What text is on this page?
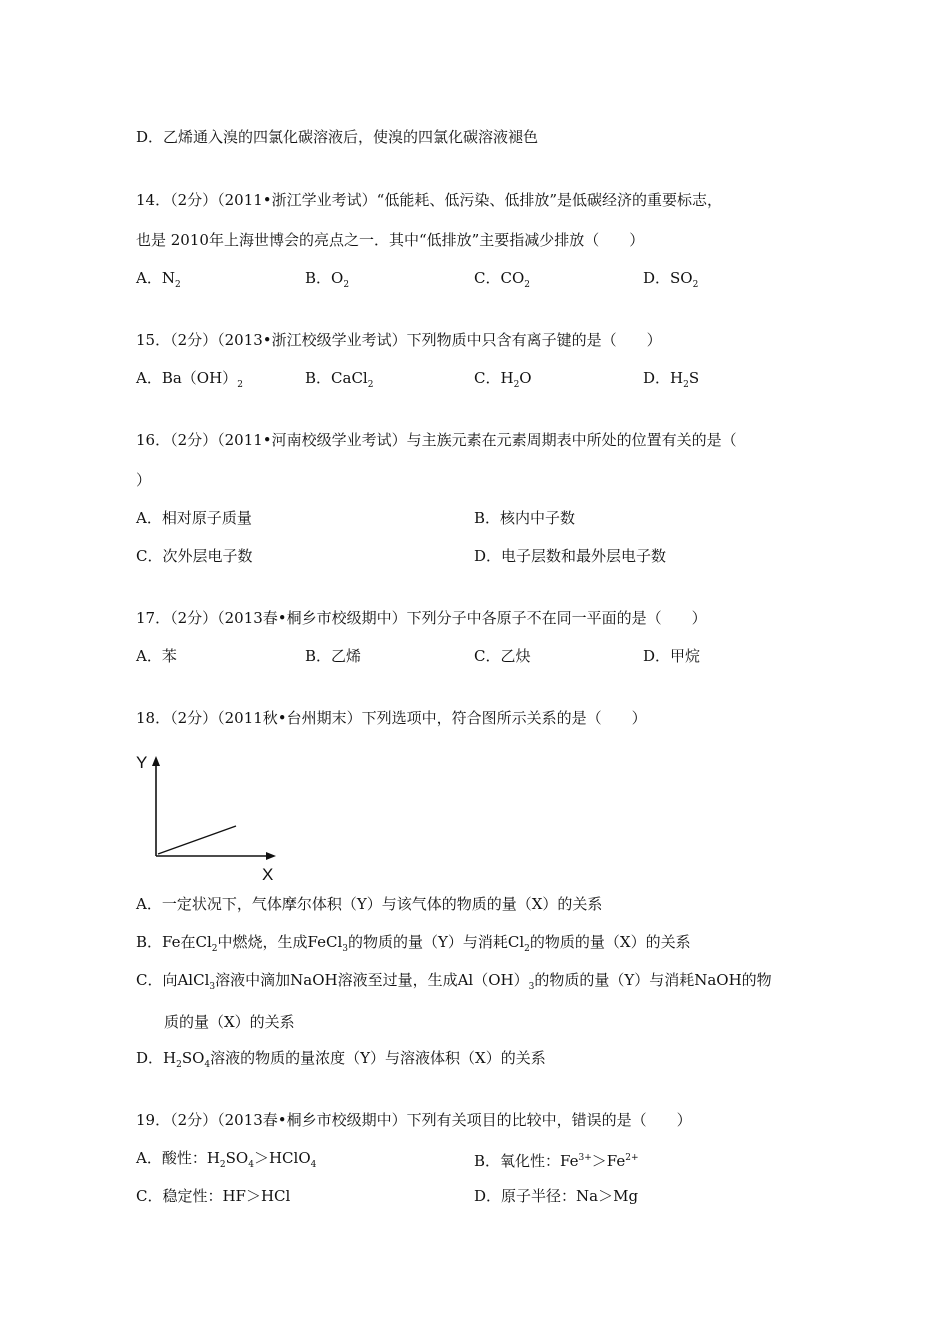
D．乙烯通入溴的四氯化碳溶液后，使溴的四氯化碳溶液褪色
14．（2分）（2011•浙江学业考试）“低能耗、低污染、低排放”是低碳经济的重要标志，
也是 2010年上海世博会的亮点之一．其中“低排放”主要指减少排放（　　）
A．$N_2$	B．$O_2$	C．$CO_2$	D．$SO_2$
15．（2分）（2013•浙江校级学业考试）下列物质中只含有离子键的是（　　）
A．$Ba(OH)_2$	B．CaCl$_2$	C．$H_2O$	D．$H_2S$
16．（2分）（2011•河南校级学业考试）与主族元素在元素周期表中所处的位置有关的是（
）
A．相对原子质量	B．核内中子数
C．次外层电子数	D．电子层数和最外层电子数
17．（2分）（2013春•桐乡市校级期中）下列分子中各原子不在同一平面的是（　　）
A．苯	B．乙烯	C．乙炔	D．甲烷
18．（2分）（2011秋•台州期末）下列选项中，符合图所示关系的是（　　）
Y
X
A．一定状况下，气体摩尔体积（Y）与该气体的物质的量（X）的关系
B．Fe在$Cl_2$中燃烧，生成FeCl$_3$的物质的量（Y）与消耗$Cl_2$的物质的量（X）的关系
C．向AlCl$_3$溶液中滴加NaOH溶液至过量，生成$Al(OH)_3$的物质的量（Y）与消耗NaOH的物
质的量（X）的关系
D．$H_2SO_4$溶液的物质的量浓度（Y）与溶液体积（X）的关系
19．（2分）（2013春•桐乡市校级期中）下列有关项目的比较中，错误的是（　　）
A．酸性：$H_2SO_4>HClO_4$	B．氧化性：$Fe^{3+}>Fe^{2+}$
C．稳定性：HF＞HCl	D．原子半径：Na＞Mg
